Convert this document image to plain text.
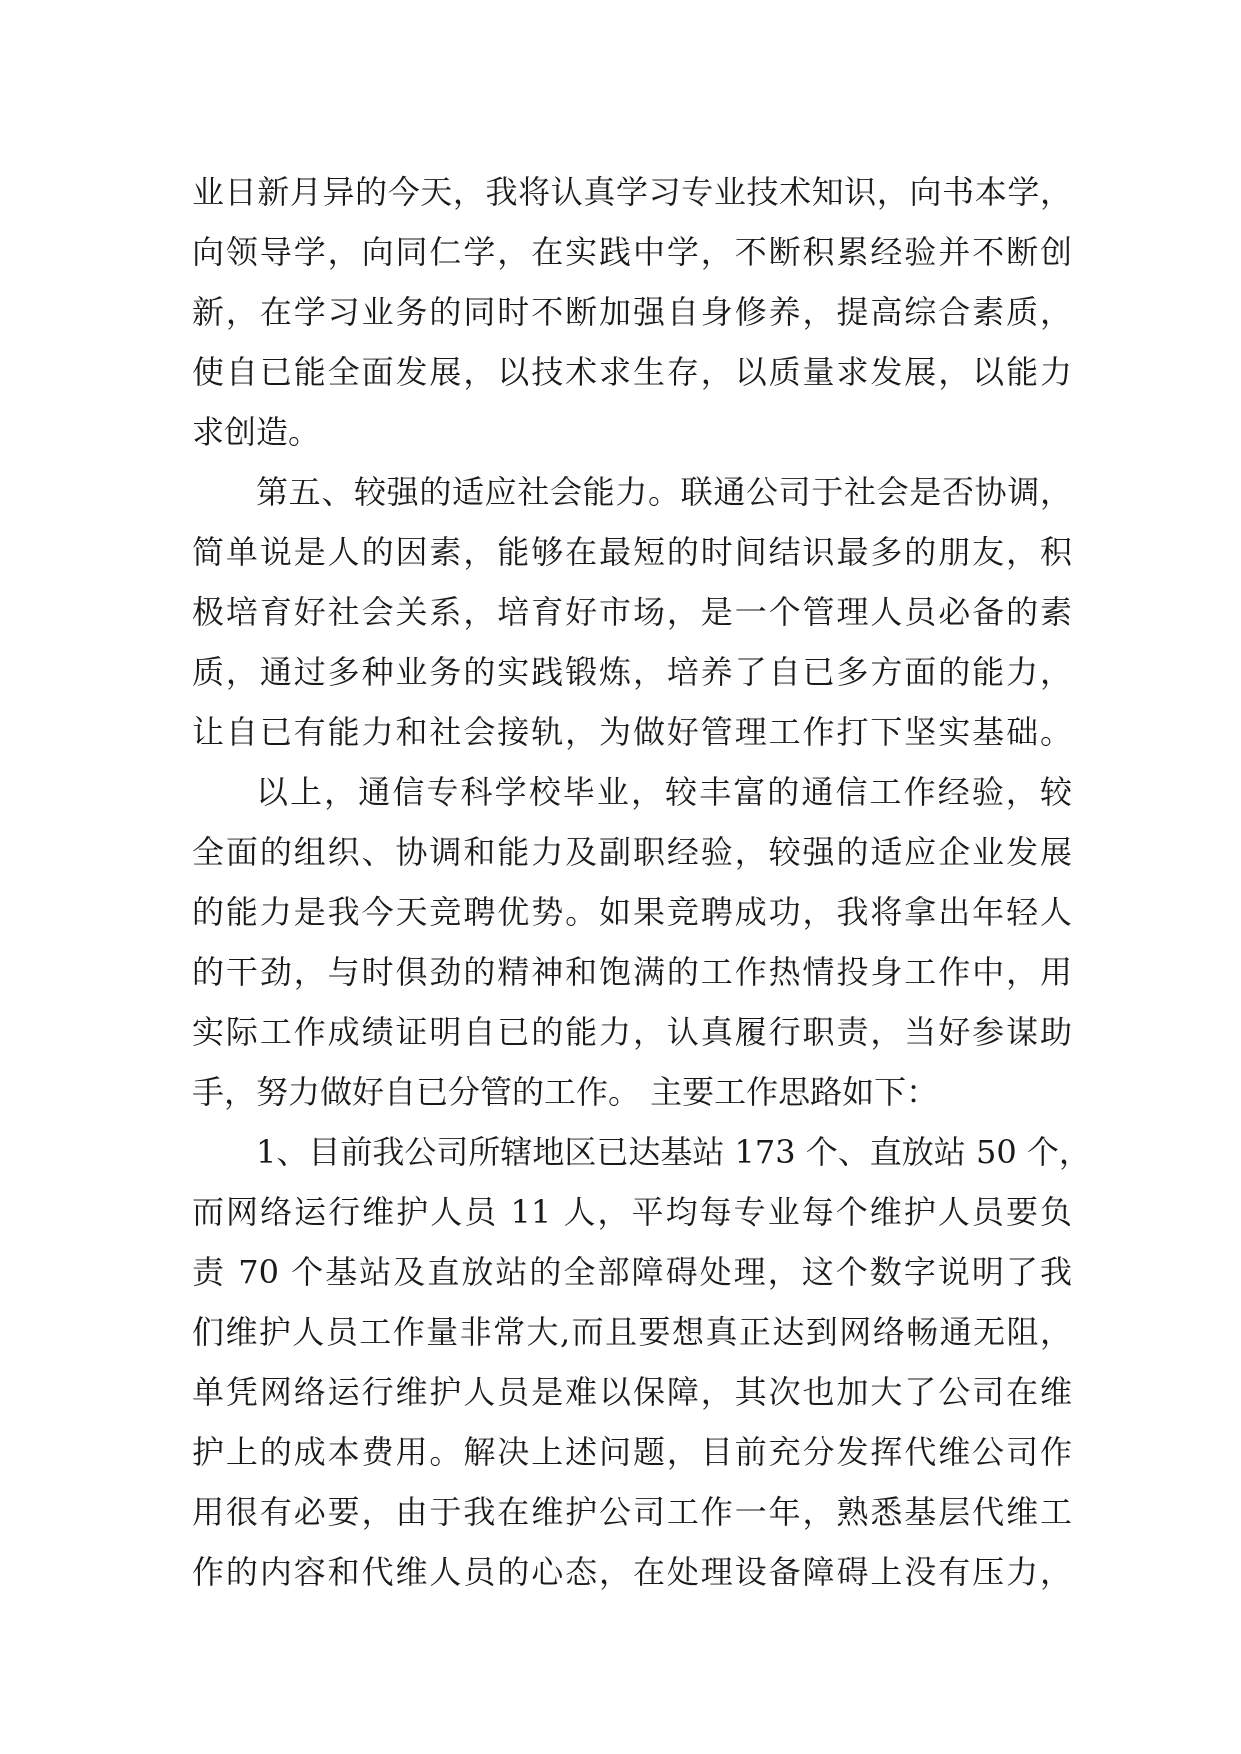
业日新月异的今天，我将认真学习专业技术知识，向书本学，
向领导学，向同仁学，在实践中学，不断积累经验并不断创
新，在学习业务的同时不断加强自身修养，提高综合素质，
使自已能全面发展，以技术求生存，以质量求发展，以能力
求创造。
第五、较强的适应社会能力。联通公司于社会是否协调，
简单说是人的因素，能够在最短的时间结识最多的朋友，积
极培育好社会关系，培育好市场，是一个管理人员必备的素
质，通过多种业务的实践锻炼，培养了自已多方面的能力，
让自已有能力和社会接轨，为做好管理工作打下坚实基础。
以上，通信专科学校毕业，较丰富的通信工作经验，较
全面的组织、协调和能力及副职经验，较强的适应企业发展
的能力是我今天竞聘优势。如果竞聘成功，我将拿出年轻人
的干劲，与时俱劲的精神和饱满的工作热情投身工作中，用
实际工作成绩证明自已的能力，认真履行职责，当好参谋助
手，努力做好自已分管的工作。 主要工作思路如下：
1、目前我公司所辖地区已达基站 173 个、直放站 50 个，
而网络运行维护人员 11 人，平均每专业每个维护人员要负
责 70 个基站及直放站的全部障碍处理，这个数字说明了我
们维护人员工作量非常大,而且要想真正达到网络畅通无阻，
单凭网络运行维护人员是难以保障，其次也加大了公司在维
护上的成本费用。解决上述问题，目前充分发挥代维公司作
用很有必要，由于我在维护公司工作一年，熟悉基层代维工
作的内容和代维人员的心态，在处理设备障碍上没有压力，
